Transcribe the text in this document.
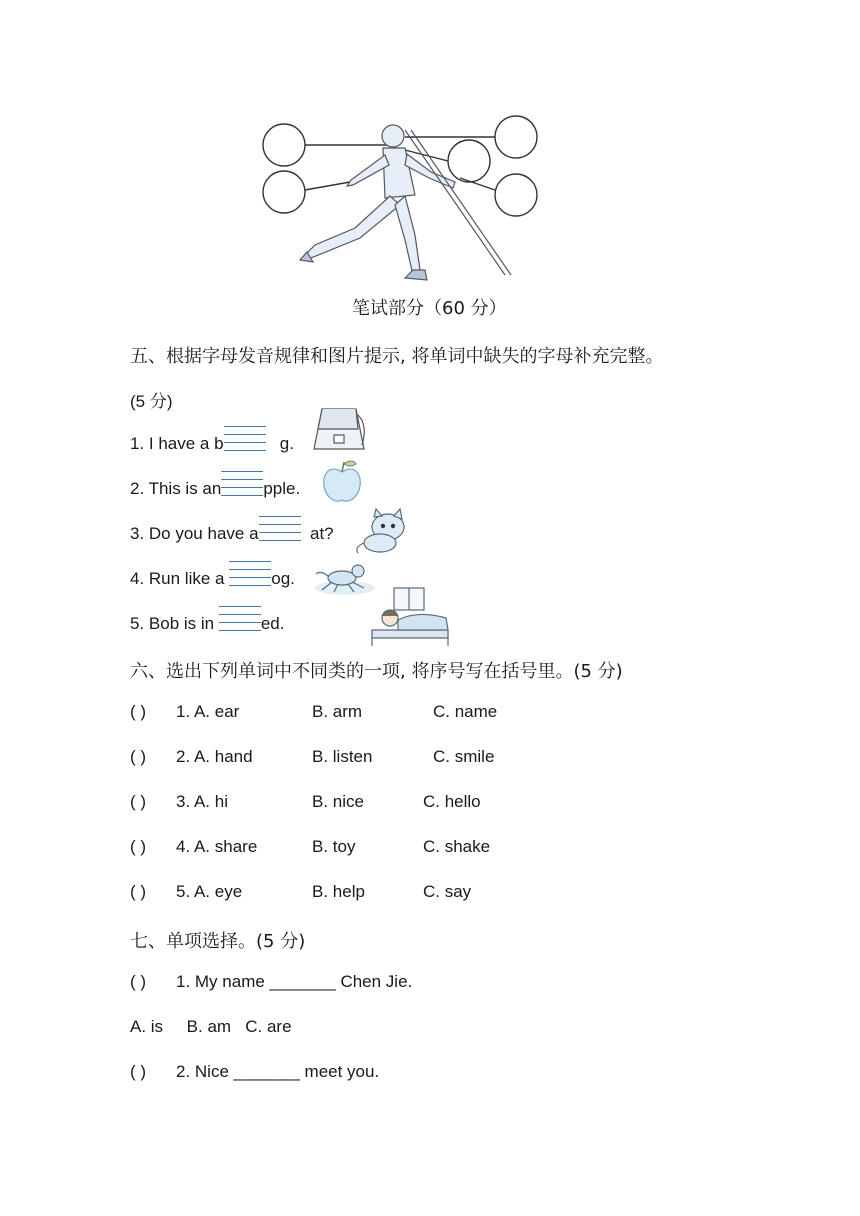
笔试部分（60 分）
五、根据字母发音规律和图片提示, 将单词中缺失的字母补充完整。
(5 分)
1. I have a b	g.
2. This is an pple.
3. Do you have a	at?
4. Run like a	og.
5. Bob is in	ed.
六、选出下列单词中不同类的一项, 将序号写在括号里。(5 分)
( ) 1. A. ear	B. arm	C. name
( ) 2. A. hand	B. listen	C. smile
( ) 3. A. hi	B. nice	C. hello
( ) 4. A. share	B. toy	C. shake
( ) 5. A. eye	B. help	C. say
七、单项选择。(5 分)
( ) 1. My name _______ Chen Jie.
A. is     B. am   C. are
( ) 2. Nice _______ meet you.
